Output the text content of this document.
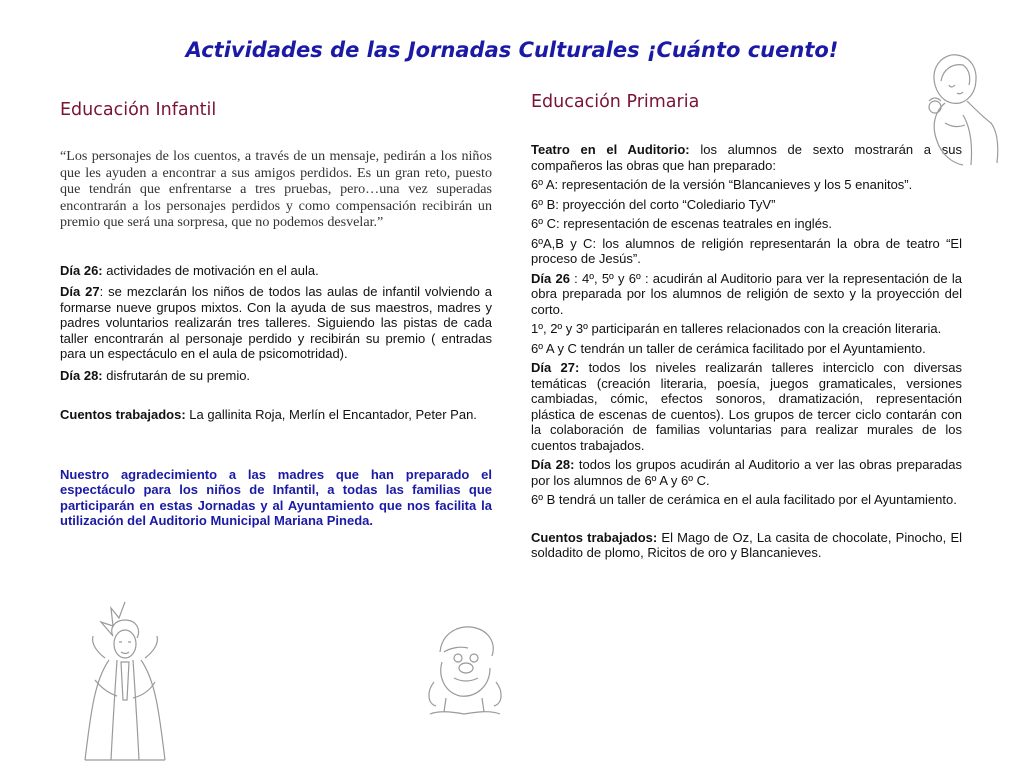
Actividades de las Jornadas Culturales ¡Cuánto cuento!
Educación Infantil

“Los personajes de los cuentos, a través de un mensaje, pedirán a los niños que les ayuden a encontrar a sus amigos perdidos. Es un gran reto, puesto que tendrán que enfrentarse a tres pruebas, pero…una vez superadas encontrarán a los personajes perdidos y como compensación recibirán un premio que será una sorpresa, que no podemos desvelar.”

Día 26: actividades de motivación en el aula.

Día 27: se mezclarán los niños de todos las aulas de infantil volviendo a formarse nueve grupos mixtos. Con la ayuda de sus maestros, madres y padres voluntarios realizarán tres talleres. Siguiendo las pistas de cada taller encontrarán al personaje perdido y recibirán su premio ( entradas para un espectáculo en el aula de psicomotridad).

Día 28: disfrutarán de su premio.

Cuentos trabajados: La gallinita Roja, Merlín el Encantador, Peter Pan.

Nuestro agradecimiento a las madres que han preparado el espectáculo para los niños de Infantil, a todas las familias que participarán en estas Jornadas y al Ayuntamiento que nos facilita la utilización del Auditorio Municipal Mariana Pineda.

Educación Primaria

Teatro en el Auditorio: los alumnos de sexto mostrarán a sus compañeros las obras que han preparado:

6º A: representación de la versión “Blancanieves y los 5 enanitos”.

6º B: proyección del corto “Colediario TyV”

6º C: representación de escenas teatrales en inglés.

6ºA,B y C: los alumnos de religión representarán la obra de teatro “El proceso de Jesús”.

Día 26 : 4º, 5º y 6º : acudirán al Auditorio para ver la representación de la obra preparada por los alumnos de religión de sexto y la proyección del corto.

1º, 2º y 3º participarán en talleres relacionados con la creación literaria.

6º A y C tendrán un taller de cerámica facilitado por el Ayuntamiento.

Día 27: todos los niveles realizarán talleres interciclo con diversas temáticas (creación literaria, poesía, juegos gramaticales, versiones cambiadas, cómic, efectos sonoros, dramatización, representación plástica de escenas de cuentos). Los grupos de tercer ciclo contarán con la colaboración de familias voluntarias para realizar murales de los cuentos trabajados.

Día 28: todos los grupos acudirán al Auditorio a ver las obras preparadas por los alumnos de 6º A y 6º C.

6º B tendrá un taller de cerámica en el aula facilitado por el Ayuntamiento.

Cuentos trabajados: El Mago de Oz, La casita de chocolate, Pinocho, El soldadito de plomo, Ricitos de oro y Blancanieves.
